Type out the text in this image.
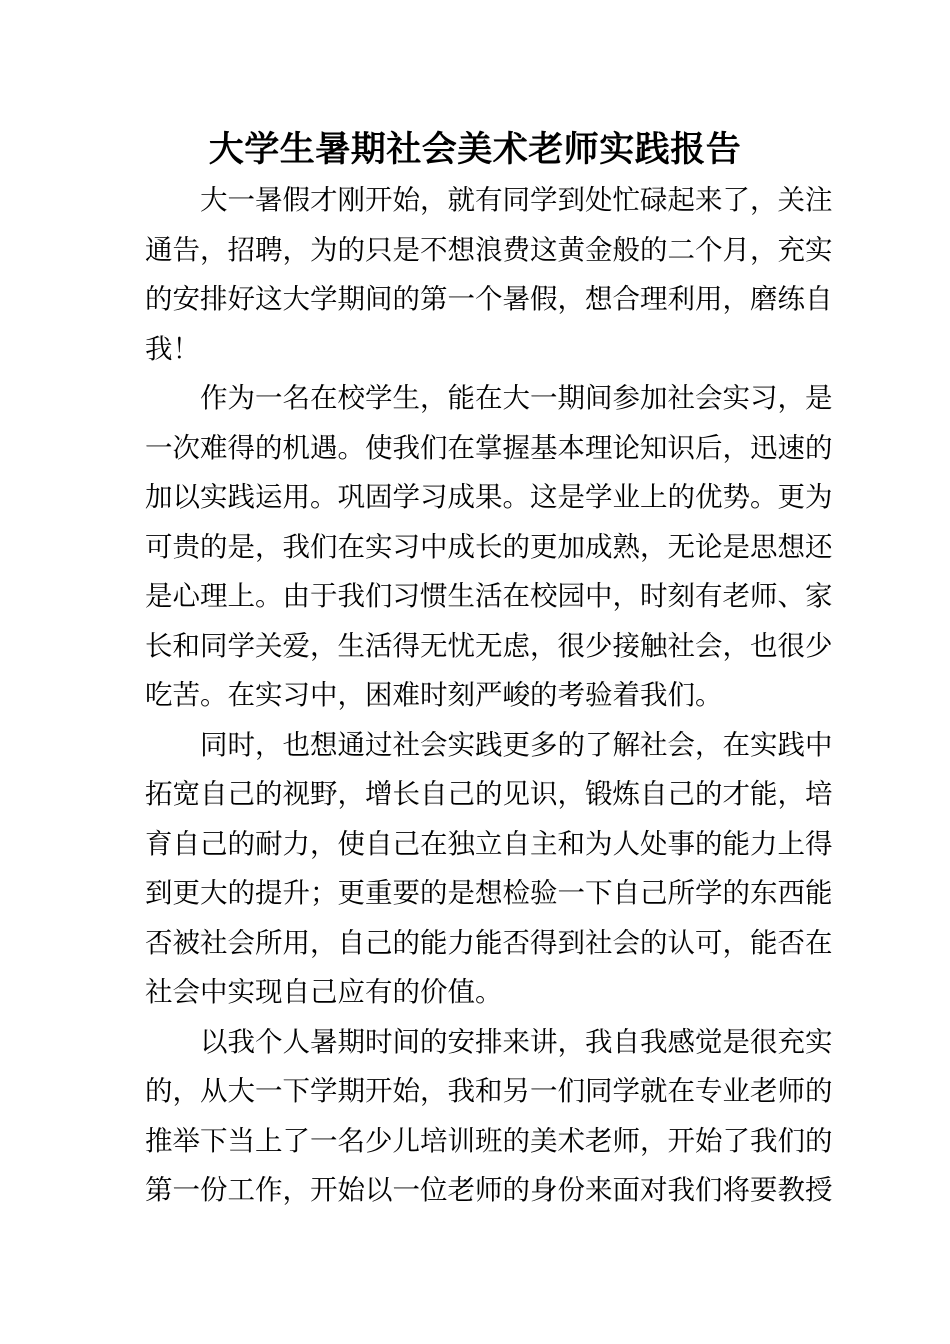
大学生暑期社会美术老师实践报告
大一暑假才刚开始，就有同学到处忙碌起来了，关注
通告，招聘，为的只是不想浪费这黄金般的二个月，充实
的安排好这大学期间的第一个暑假，想合理利用，磨练自
我！
作为一名在校学生，能在大一期间参加社会实习，是
一次难得的机遇。使我们在掌握基本理论知识后，迅速的
加以实践运用。巩固学习成果。这是学业上的优势。更为
可贵的是，我们在实习中成长的更加成熟，无论是思想还
是心理上。由于我们习惯生活在校园中，时刻有老师、家
长和同学关爱，生活得无忧无虑，很少接触社会，也很少
吃苦。在实习中，困难时刻严峻的考验着我们。
同时，也想通过社会实践更多的了解社会，在实践中
拓宽自己的视野，增长自己的见识，锻炼自己的才能，培
育自己的耐力，使自己在独立自主和为人处事的能力上得
到更大的提升；更重要的是想检验一下自己所学的东西能
否被社会所用，自己的能力能否得到社会的认可，能否在
社会中实现自己应有的价值。
以我个人暑期时间的安排来讲，我自我感觉是很充实
的，从大一下学期开始，我和另一们同学就在专业老师的
推举下当上了一名少儿培训班的美术老师，开始了我们的
第一份工作，开始以一位老师的身份来面对我们将要教授
